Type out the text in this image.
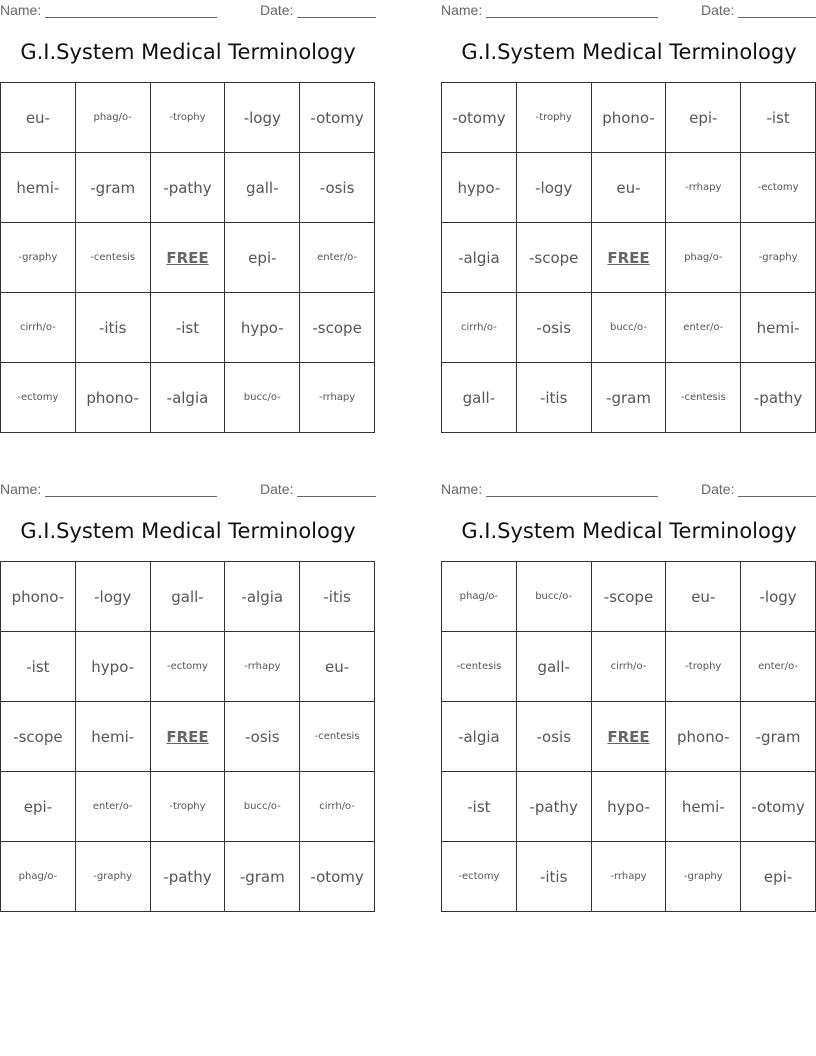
Name:	Date:
G.I.System Medical Terminology
eu-	phag/o-	-trophy	-logy	-otomy
hemi-	-gram	-pathy	gall-	-osis
-graphy	-centesis	FREE	epi-	enter/o-
cirrh/o-	-itis	-ist	hypo-	-scope
-ectomy	phono-	-algia	bucc/o-	-rrhapy
Name:	Date:
G.I.System Medical Terminology
-otomy	-trophy	phono-	epi-	-ist
hypo-	-logy	eu-	-rrhapy	-ectomy
-algia	-scope	FREE	phag/o-	-graphy
cirrh/o-	-osis	bucc/o-	enter/o-	hemi-
gall-	-itis	-gram	-centesis	-pathy
Name:	Date:
G.I.System Medical Terminology
phono-	-logy	gall-	-algia	-itis
-ist	hypo-	-ectomy	-rrhapy	eu-
-scope	hemi-	FREE	-osis	-centesis
epi-	enter/o-	-trophy	bucc/o-	cirrh/o-
phag/o-	-graphy	-pathy	-gram	-otomy
Name:	Date:
G.I.System Medical Terminology
phag/o-	bucc/o-	-scope	eu-	-logy
-centesis	gall-	cirrh/o-	-trophy	enter/o-
-algia	-osis	FREE	phono-	-gram
-ist	-pathy	hypo-	hemi-	-otomy
-ectomy	-itis	-rrhapy	-graphy	epi-
